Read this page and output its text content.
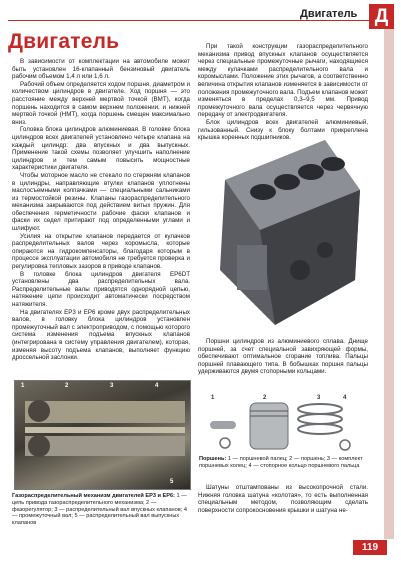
Двигатель Д
Двигатель

В зависимости от комплектации на автомобиле может быть установлен 16-клапанный бензиновый двигатель рабочим объемом 1,4 л или 1,6 л.

Рабочий объем определяется ходом поршня, диаметром и количеством цилиндров в двигателе. Ход поршня — это расстояние между верхней мертвой точкой (ВМТ), когда поршень находится в самом верхнем положении, и нижней мертвой точкой (НМТ), когда поршень смещен максимально вниз.

Головка блока цилиндров алюминиевая. В головке блока цилиндров всех двигателей установлено четыре клапана на каждый цилиндр: два впускных и два выпускных. Применение такой схемы позволяет улучшить наполнение цилиндров и тем самым повысить мощностные характеристики двигателя.

Чтобы моторное масло не стекало по стержням клапанов в цилиндры, направляющие втулки клапанов уплотнены маслосъемными колпачками — специальными сальниками из термостойкой резины. Клапаны газораспределительного механизма закрываются под действием витых пружин. Для обеспечения герметичности рабочие фаски клапанов и фаски их седел притирают под определенными углами и шлифуют.

Усилия на открытие клапанов передается от кулачков распределительных валов через коромысла, которые опираются на гидрокомпенсаторы, благодаря которым в процессе эксплуатации автомобиля не требуется проверка и регулировка тепловых зазоров в приводе клапанов.

В головке блока цилиндров двигателя EP6DT установлены два распределительных вала. Распределительные валы приводятся однорядной цепью, натяжение цепи происходит автоматически посредством натяжителя.

На двигателях EP3 и EP6 кроме двух распределительных валов, в головку блока цилиндров установлен промежуточный вал с электроприводом, с помощью которого система изменения подъема впускных клапанов (интегрирована в систему управления двигателем), которая, изменяя высоту подъема клапанов, выполняет функцию дроссельной заслонки.

При такой конструкции газораспределительного механизма привод впускных клапанов осуществляется через специальные промежуточные рычаги, находящиеся между кулачками распределительного вала и коромыслами. Положение этих рычагов, а соответственно величина открытия клапанов изменяется в зависимости от положения промежуточного вала. Подъем клапанов может изменяться в пределах 0,3–9,5 мм. Привод промежуточного вала осуществляется через червячную передачу от электродвигателя.

Блок цилиндров всех двигателей алюминиевый, гильзованный. Снизу к блоку болтами прикреплена крышка коренных подшипников.

Поршни цилиндров из алюминиевого сплава. Днище поршней, за счет специальной завихряющей формы, обеспечивают оптимальное сгорание топлива. Пальцы поршней плавающего типа. В бобышках поршня пальцы удерживаются двумя стопорными кольцами.

1	2	3	4
Поршень: 1 — поршневой палец; 2 — поршень; 3 — комплект поршневых колец; 4 — стопорное кольцо поршневого пальца

Шатуны отштампованы из высокопрочной стали. Нижняя головка шатуна «колотая», то есть выполненная специальным методом, позволяющим сделать поверхности сопрокосновения крышки и шатуна не-

1	2	3	4
5
Газораспределительный механизм двигателей EP3 и EP6: 1 — цепь привода газораспределительного механизма; 2 — фазорегулятор; 3 — распределительный вал впускных клапанов; 4 — промежуточный вал; 5 — распределительный вал выпускных клапанов
119
